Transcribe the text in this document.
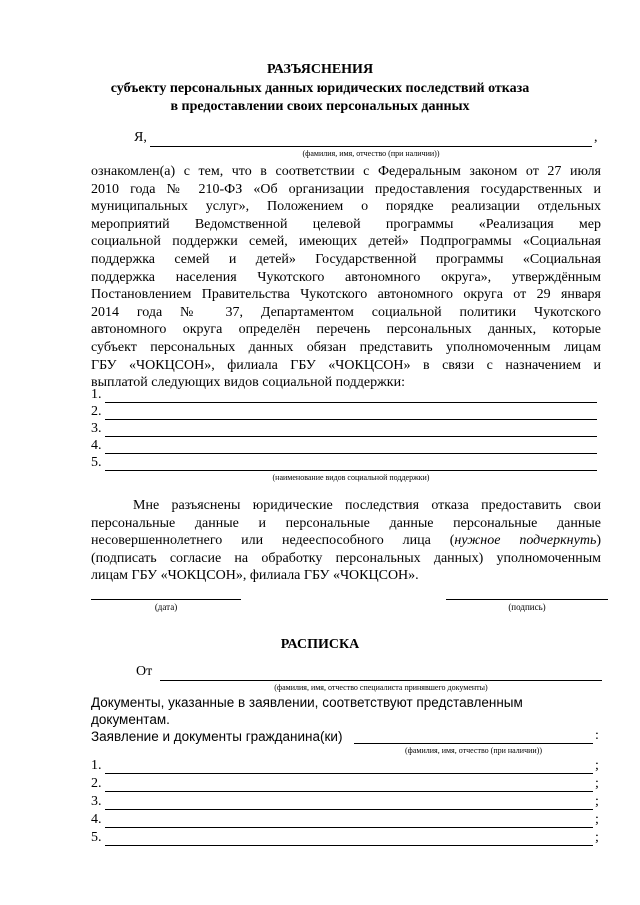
РАЗЪЯСНЕНИЯ
субъекту персональных данных юридических последствий отказа
в предоставлении своих персональных данных
Я,	,
(фамилия, имя, отчество (при наличии))
ознакомлен(а) с тем, что в соответствии с Федеральным законом от 27 июля
2010 года № 210-ФЗ «Об организации предоставления государственных и
муниципальных услуг», Положением о порядке реализации отдельных
мероприятий Ведомственной целевой программы «Реализация мер
социальной поддержки семей, имеющих детей» Подпрограммы «Социальная
поддержка семей и детей» Государственной программы «Социальная
поддержка населения Чукотского автономного округа», утверждённым
Постановлением Правительства Чукотского автономного округа от 29 января
2014 года № 37, Департаментом социальной политики Чукотского
автономного округа определён перечень персональных данных, которые
субъект персональных данных обязан представить уполномоченным лицам
ГБУ «ЧОКЦСОН», филиала ГБУ «ЧОКЦСОН» в связи с назначением и
выплатой следующих видов социальной поддержки:
1.
2.
3.
4.
5.
(наименование видов социальной поддержки)
Мне разъяснены юридические последствия отказа предоставить свои
персональные данные и персональные данные персональные данные
несовершеннолетнего или недееспособного лица (нужное подчеркнуть)
(подписать согласие на обработку персональных данных) уполномоченным
лицам ГБУ «ЧОКЦСОН», филиала ГБУ «ЧОКЦСОН».
(дата)	(подпись)
РАСПИСКА
От
(фамилия, имя, отчество специалиста принявшего документы)
Документы, указанные в заявлении, соответствуют представленным
документам.
Заявление и документы гражданина(ки)	:
(фамилия, имя, отчество (при наличии))
1.	;
2.	;
3.	;
4.	;
5.	;
